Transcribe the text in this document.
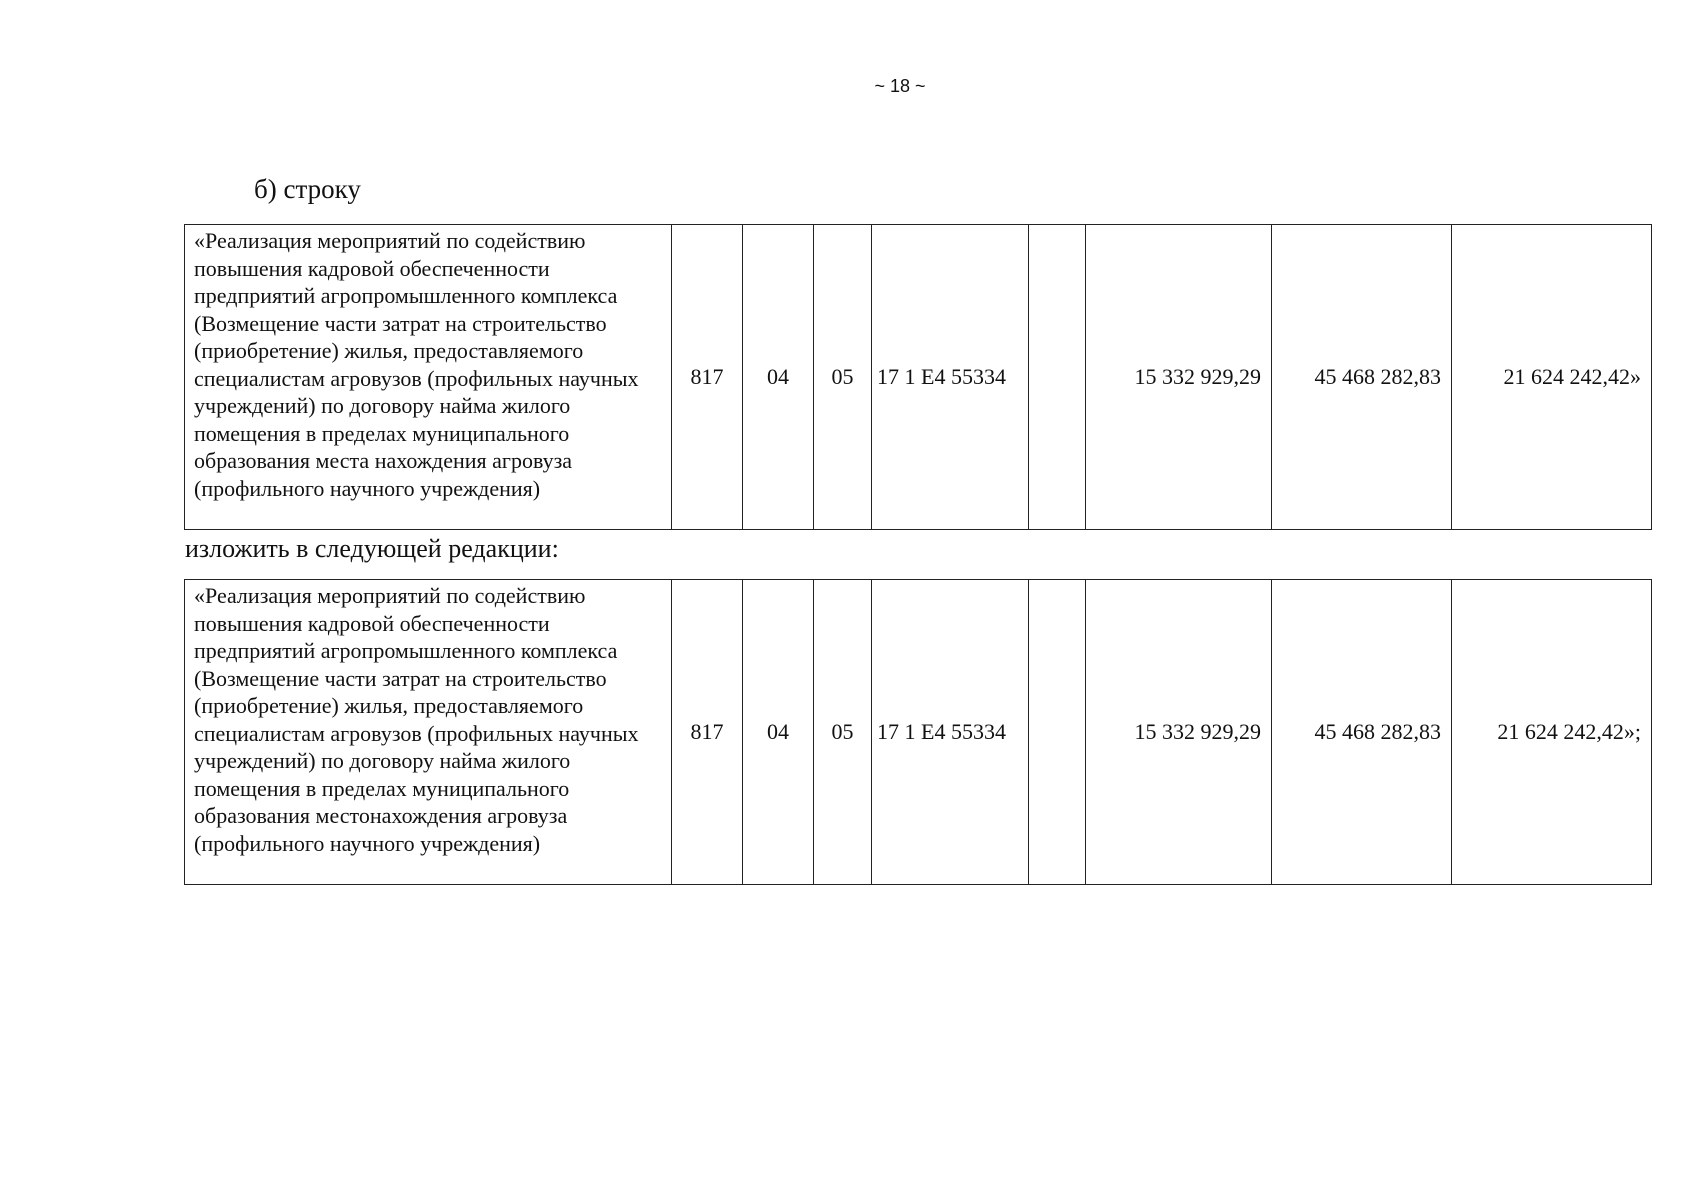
~ 18 ~
б) строку
«Реализация мероприятий по содействию повышения кадровой обеспеченности предприятий агропромышленного комплекса (Возмещение части затрат на строительство (приобретение) жилья, предоставляемого специалистам агровузов (профильных научных учреждений) по договору найма жилого помещения в пределах муниципального образования места нахождения агровуза (профильного научного учреждения)	817	04	05	17 1 E4 55334		15 332 929,29	45 468 282,83	21 624 242,42»
изложить в следующей редакции:
«Реализация мероприятий по содействию повышения кадровой обеспеченности предприятий агропромышленного комплекса (Возмещение части затрат на строительство (приобретение) жилья, предоставляемого специалистам агровузов (профильных научных учреждений) по договору найма жилого помещения в пределах муниципального образования местонахождения агровуза (профильного научного учреждения)	817	04	05	17 1 E4 55334		15 332 929,29	45 468 282,83	21 624 242,42»;
